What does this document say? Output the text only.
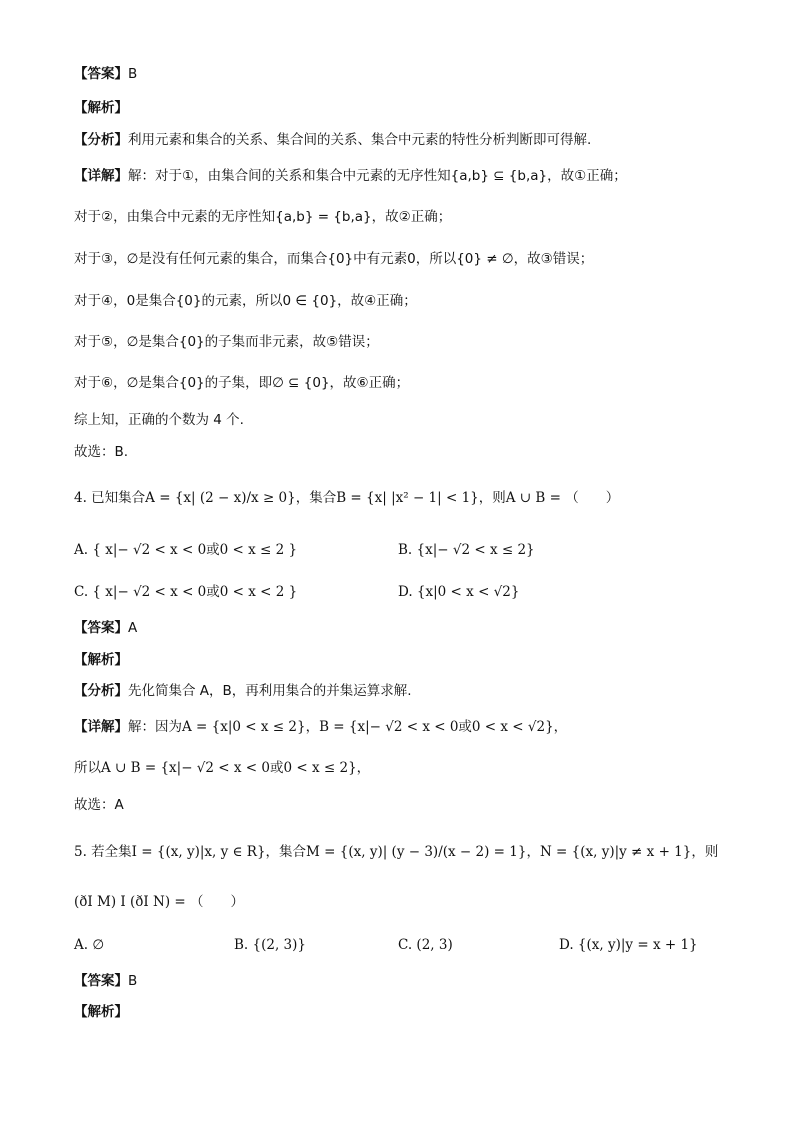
【答案】B
【解析】
【分析】利用元素和集合的关系、集合间的关系、集合中元素的特性分析判断即可得解.
【详解】解：对于①，由集合间的关系和集合中元素的无序性知{a,b} ⊆ {b,a}，故①正确；
对于②，由集合中元素的无序性知{a,b} = {b,a}，故②正确；
对于③，∅是没有任何元素的集合，而集合{0}中有元素0，所以{0} ≠ ∅，故③错误；
对于④，0是集合{0}的元素，所以0 ∈ {0}，故④正确；
对于⑤，∅是集合{0}的子集而非元素，故⑤错误；
对于⑥，∅是集合{0}的子集，即∅ ⊆ {0}，故⑥正确；
综上知，正确的个数为 4 个.
故选：B.
4. 已知集合A = {x| (2 − x)/x ≥ 0}，集合B = {x| |x² − 1| < 1}，则A ∪ B = （　　）
A. { x|− √2 < x < 0或0 < x ≤ 2 }	B. {x|− √2 < x ≤ 2}
C. { x|− √2 < x < 0或0 < x < 2 }	D. {x|0 < x < √2}
【答案】A
【解析】
【分析】先化简集合 A，B，再利用集合的并集运算求解.
【详解】解：因为A = {x|0 < x ≤ 2}，B = {x|− √2 < x < 0或0 < x < √2}，
所以A ∪ B = {x|− √2 < x < 0或0 < x ≤ 2}，
故选：A
5. 若全集I = {(x, y)|x, y ∈ R}，集合M = {(x, y)| (y − 3)/(x − 2) = 1}，N = {(x, y)|y ≠ x + 1}，则
(ðI M) I (ðI N) = （　　）
A. ∅	B. {(2, 3)}	C. (2, 3)	D. {(x, y)|y = x + 1}
【答案】B
【解析】
